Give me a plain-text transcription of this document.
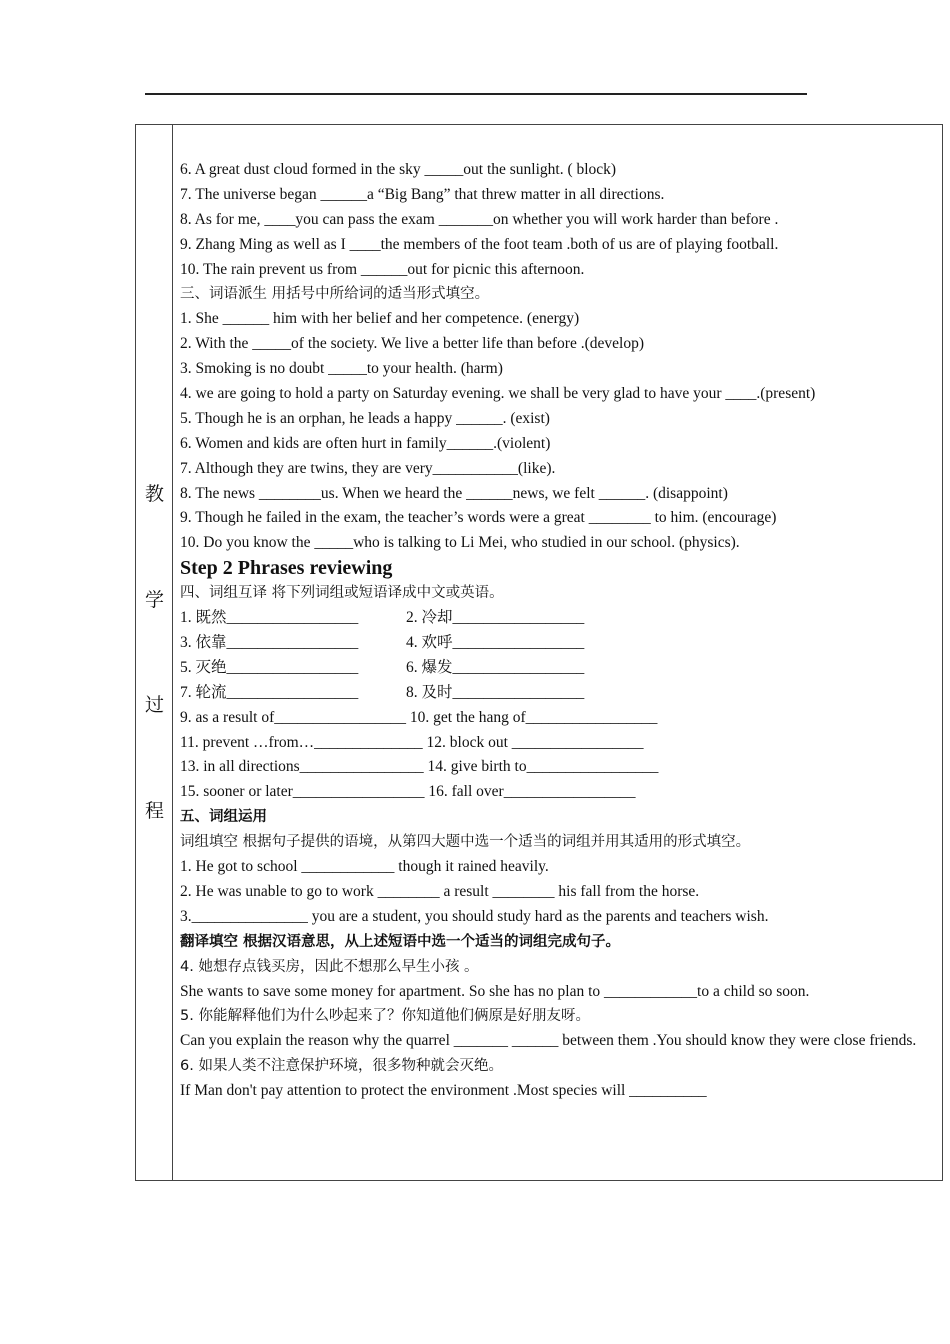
教
学
过
程
6. A great dust cloud formed in the sky _____out the sunlight. ( block)
7. The universe began ______a “Big Bang” that threw matter in all directions.
8. As for me, ____you can pass the exam _______on whether you will work harder than before .
9. Zhang Ming as well as I ____the members of the foot team .both of us are of playing football.
10. The rain prevent us from ______out for picnic this afternoon.
三、词语派生 用括号中所给词的适当形式填空。
1. She ______ him with her belief and her competence. (energy)
2. With the _____of the society. We live a better life than before .(develop)
3. Smoking is no doubt _____to your health. (harm)
4. we are going to hold a party on Saturday evening. we shall be very glad to have your ____.(present)
5. Though he is an orphan, he leads a happy ______. (exist)
6. Women and kids are often hurt in family______.(violent)
7. Although they are twins, they are very___________(like).
8. The news ________us. When we heard the ______news, we felt ______. (disappoint)
9. Though he failed in the exam, the teacher’s words were a great ________ to him. (encourage)
10. Do you know the _____who is talking to Li Mei, who studied in our school. (physics).
Step 2 Phrases reviewing
四、词组互译 将下列词组或短语译成中文或英语。
1. 既然_________________	2. 冷却_________________
3. 依靠_________________	4. 欢呼_________________
5. 灭绝_________________	6. 爆发_________________
7. 轮流_________________	8. 及时_________________
9. as a result of_________________ 10. get the hang of_________________
11. prevent …from…______________ 12. block out _________________
13. in all directions________________ 14. give birth to_________________
15. sooner or later_________________ 16. fall over_________________
五、词组运用
词组填空 根据句子提供的语境，从第四大题中选一个适当的词组并用其适用的形式填空。
1. He got to school ____________ though it rained heavily.
2. He was unable to go to work ________ a result ________ his fall from the horse.
3._______________ you are a student, you should study hard as the parents and teachers wish.
翻译填空 根据汉语意思，从上述短语中选一个适当的词组完成句子。
4. 她想存点钱买房，因此不想那么早生小孩 。
She wants to save some money for apartment. So she has no plan to ____________to a child so soon.
5. 你能解释他们为什么吵起来了？你知道他们俩原是好朋友呀。
Can you explain the reason why the quarrel _______ ______ between them .You should know they were close friends.
6. 如果人类不注意保护环境，很多物种就会灭绝。
If Man don't pay attention to protect the environment .Most species will __________
